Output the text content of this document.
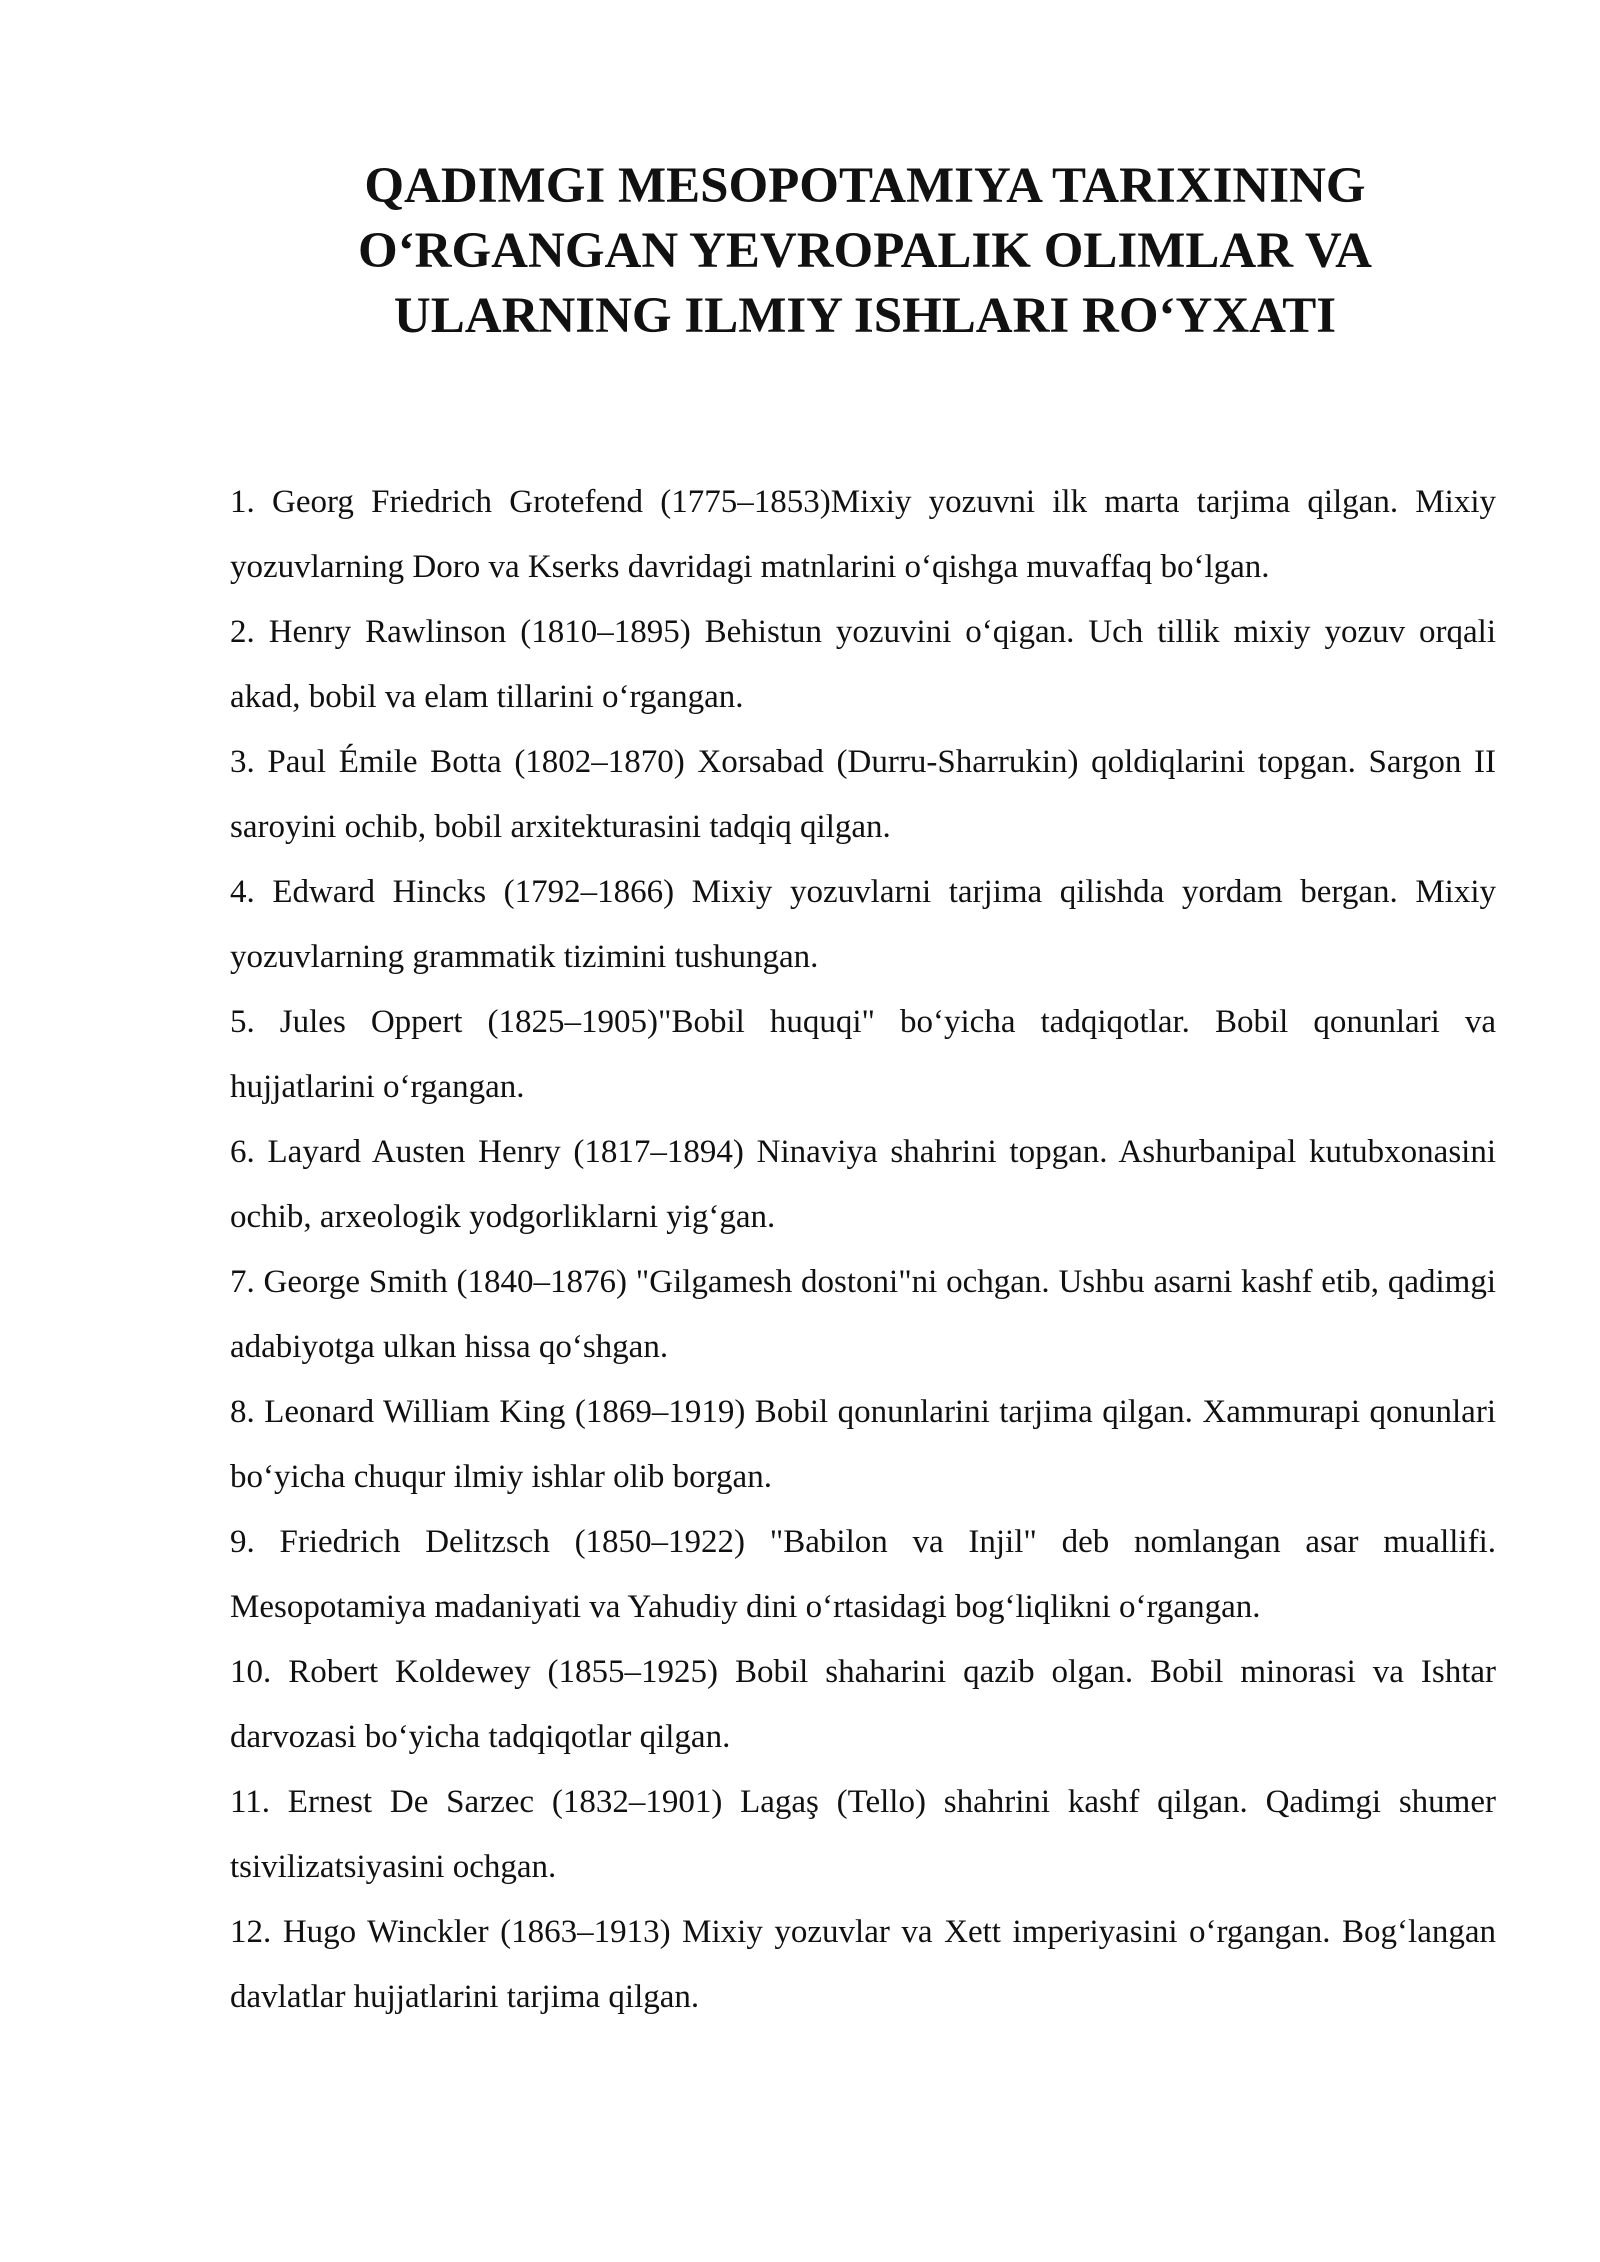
QADIMGI MESOPOTAMIYA TARIXINING
O‘RGANGAN YEVROPALIK OLIMLAR VA
ULARNING ILMIY ISHLARI RO‘YXATI

1. Georg Friedrich Grotefend (1775–1853)Mixiy yozuvni ilk marta tarjima qilgan. Mixiy yozuvlarning Doro va Kserks davridagi matnlarini o‘qishga muvaffaq bo‘lgan.

2. Henry Rawlinson (1810–1895) Behistun yozuvini o‘qigan. Uch tillik mixiy yozuv orqali akad, bobil va elam tillarini o‘rgangan.

3. Paul Émile Botta (1802–1870) Xorsabad (Durru-Sharrukin) qoldiqlarini topgan. Sargon II saroyini ochib, bobil arxitekturasini tadqiq qilgan.

4. Edward Hincks (1792–1866) Mixiy yozuvlarni tarjima qilishda yordam bergan. Mixiy yozuvlarning grammatik tizimini tushungan.

5. Jules Oppert (1825–1905)"Bobil huquqi" bo‘yicha tadqiqotlar. Bobil qonunlari va hujjatlarini o‘rgangan.

6. Layard Austen Henry (1817–1894) Ninaviya shahrini topgan. Ashurbanipal kutubxonasini ochib, arxeologik yodgorliklarni yig‘gan.

7. George Smith (1840–1876) "Gilgamesh dostoni"ni ochgan. Ushbu asarni kashf etib, qadimgi adabiyotga ulkan hissa qo‘shgan.

8. Leonard William King (1869–1919) Bobil qonunlarini tarjima qilgan. Xammurapi qonunlari bo‘yicha chuqur ilmiy ishlar olib borgan.

9. Friedrich Delitzsch (1850–1922) "Babilon va Injil" deb nomlangan asar muallifi. Mesopotamiya madaniyati va Yahudiy dini o‘rtasidagi bog‘liqlikni o‘rgangan.

10. Robert Koldewey (1855–1925) Bobil shaharini qazib olgan. Bobil minorasi va Ishtar darvozasi bo‘yicha tadqiqotlar qilgan.

11. Ernest De Sarzec (1832–1901) Lagaş (Tello) shahrini kashf qilgan. Qadimgi shumer tsivilizatsiyasini ochgan.

12. Hugo Winckler (1863–1913) Mixiy yozuvlar va Xett imperiyasini o‘rgangan. Bog‘langan davlatlar hujjatlarini tarjima qilgan.
